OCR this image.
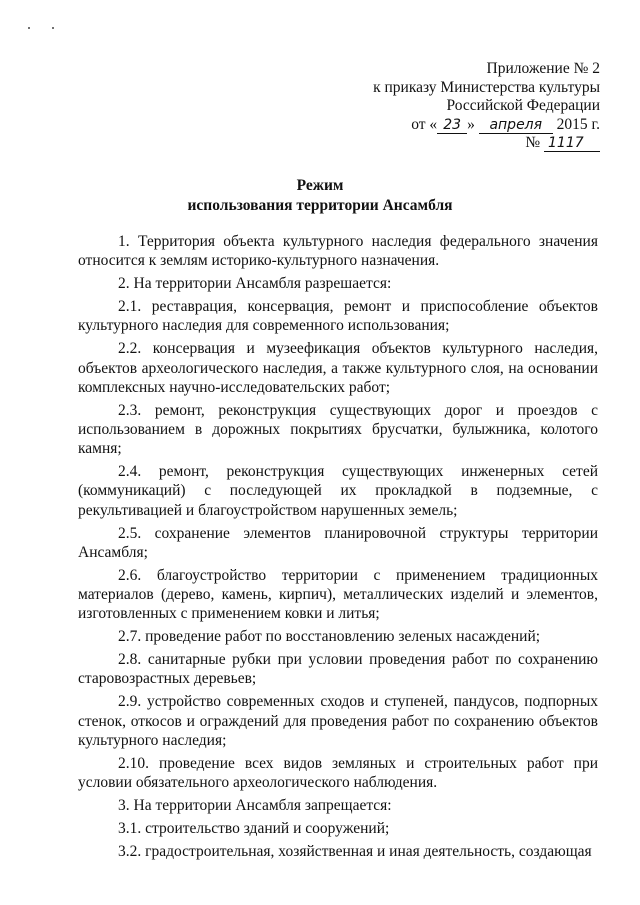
Приложение № 2
к приказу Министерства культуры
Российской Федерации
от « 23 » апреля 2015 г.
№ 1117
Режим
использования территории Ансамбля

1. Территория объекта культурного наследия федерального значения относится к землям историко-культурного назначения.

2. На территории Ансамбля разрешается:

2.1. реставрация, консервация, ремонт и приспособление объектов культурного наследия для современного использования;

2.2. консервация и музеефикация объектов культурного наследия, объектов археологического наследия, а также культурного слоя, на основании комплексных научно-исследовательских работ;

2.3. ремонт, реконструкция существующих дорог и проездов с использованием в дорожных покрытиях брусчатки, булыжника, колотого камня;

2.4. ремонт, реконструкция существующих инженерных сетей (коммуникаций) с последующей их прокладкой в подземные, с рекультивацией и благоустройством нарушенных земель;

2.5. сохранение элементов планировочной структуры территории Ансамбля;

2.6. благоустройство территории с применением традиционных материалов (дерево, камень, кирпич), металлических изделий и элементов, изготовленных с применением ковки и литья;

2.7. проведение работ по восстановлению зеленых насаждений;

2.8. санитарные рубки при условии проведения работ по сохранению старовозрастных деревьев;

2.9. устройство современных сходов и ступеней, пандусов, подпорных стенок, откосов и ограждений для проведения работ по сохранению объектов культурного наследия;

2.10. проведение всех видов земляных и строительных работ при условии обязательного археологического наблюдения.

3. На территории Ансамбля запрещается:

3.1. строительство зданий и сооружений;

3.2. градостроительная, хозяйственная и иная деятельность, создающая
